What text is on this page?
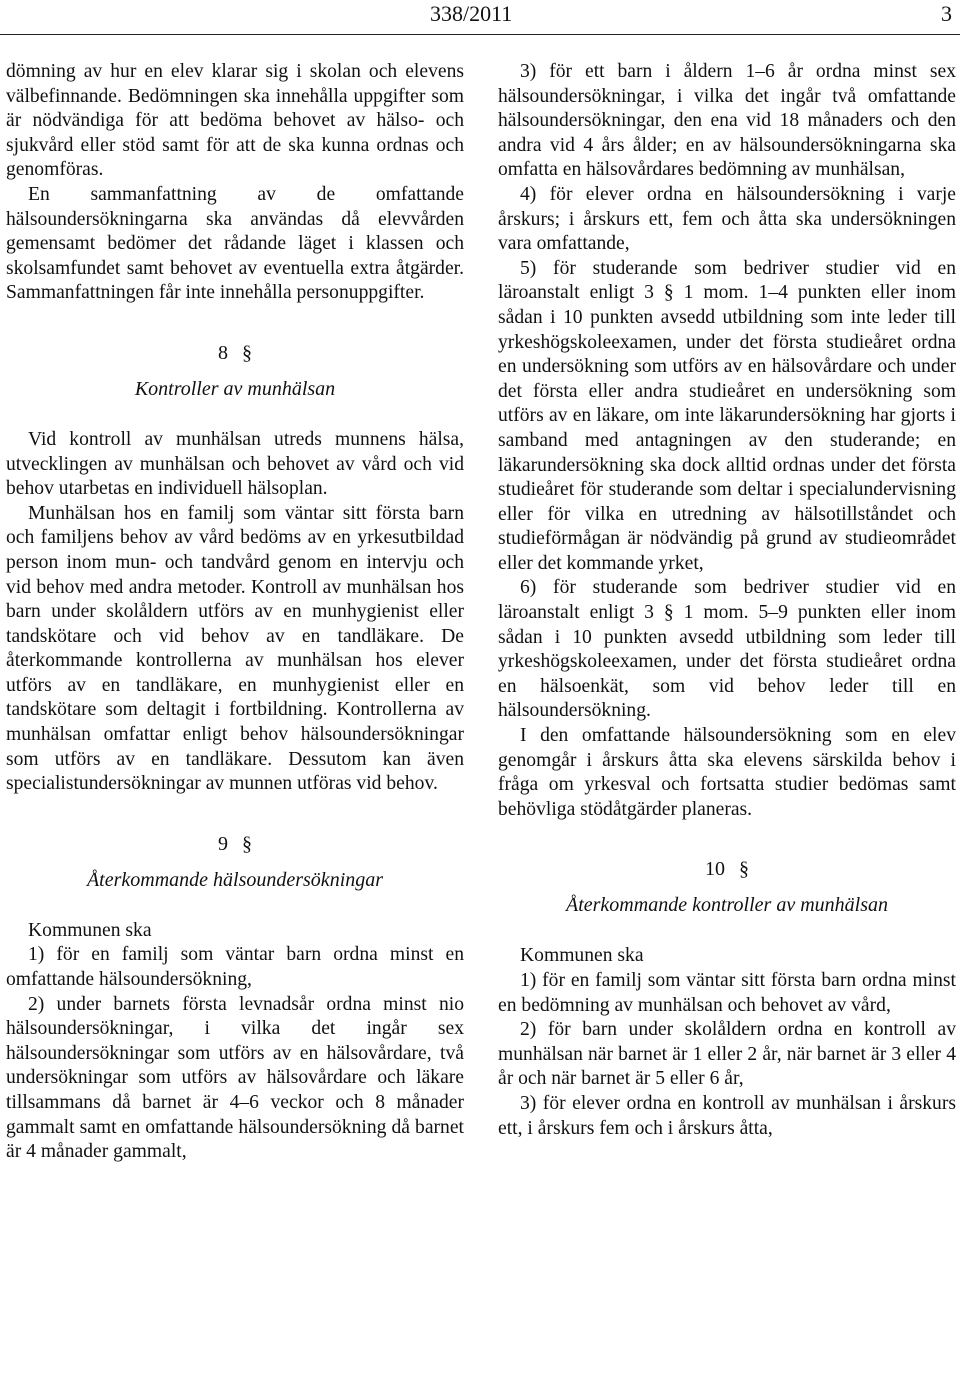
338/2011	3

dömning av hur en elev klarar sig i skolan och elevens välbefinnande. Bedömningen ska innehålla uppgifter som är nödvändiga för att bedöma behovet av hälso- och sjukvård eller stöd samt för att de ska kunna ordnas och genomföras.

En sammanfattning av de omfattande hälsoundersökningarna ska användas då elevvården gemensamt bedömer det rådande läget i klassen och skolsamfundet samt behovet av eventuella extra åtgärder. Sammanfattningen får inte innehålla personuppgifter.

8 §

Kontroller av munhälsan

Vid kontroll av munhälsan utreds munnens hälsa, utvecklingen av munhälsan och behovet av vård och vid behov utarbetas en individuell hälsoplan.

Munhälsan hos en familj som väntar sitt första barn och familjens behov av vård bedöms av en yrkesutbildad person inom mun- och tandvård genom en intervju och vid behov med andra metoder. Kontroll av munhälsan hos barn under skolåldern utförs av en munhygienist eller tandskötare och vid behov av en tandläkare. De återkommande kontrollerna av munhälsan hos elever utförs av en tandläkare, en munhygienist eller en tandskötare som deltagit i fortbildning. Kontrollerna av munhälsan omfattar enligt behov hälsoundersökningar som utförs av en tandläkare. Dessutom kan även specialistundersökningar av munnen utföras vid behov.

9 §

Återkommande hälsoundersökningar

Kommunen ska

1) för en familj som väntar barn ordna minst en omfattande hälsoundersökning,

2) under barnets första levnadsår ordna minst nio hälsoundersökningar, i vilka det ingår sex hälsoundersökningar som utförs av en hälsovårdare, två undersökningar som utförs av hälsovårdare och läkare tillsammans då barnet är 4–6 veckor och 8 månader gammalt samt en omfattande hälsoundersökning då barnet är 4 månader gammalt,

3) för ett barn i åldern 1–6 år ordna minst sex hälsoundersökningar, i vilka det ingår två omfattande hälsoundersökningar, den ena vid 18 månaders och den andra vid 4 års ålder; en av hälsoundersökningarna ska omfatta en hälsovårdares bedömning av munhälsan,

4) för elever ordna en hälsoundersökning i varje årskurs; i årskurs ett, fem och åtta ska undersökningen vara omfattande,

5) för studerande som bedriver studier vid en läroanstalt enligt 3 § 1 mom. 1–4 punkten eller inom sådan i 10 punkten avsedd utbildning som inte leder till yrkeshögskoleexamen, under det första studieåret ordna en undersökning som utförs av en hälsovårdare och under det första eller andra studieåret en undersökning som utförs av en läkare, om inte läkarundersökning har gjorts i samband med antagningen av den studerande; en läkarundersökning ska dock alltid ordnas under det första studieåret för studerande som deltar i specialundervisning eller för vilka en utredning av hälsotillståndet och studieförmågan är nödvändig på grund av studieområdet eller det kommande yrket,

6) för studerande som bedriver studier vid en läroanstalt enligt 3 § 1 mom. 5–9 punkten eller inom sådan i 10 punkten avsedd utbildning som leder till yrkeshögskoleexamen, under det första studieåret ordna en hälsoenkät, som vid behov leder till en hälsoundersökning.

I den omfattande hälsoundersökning som en elev genomgår i årskurs åtta ska elevens särskilda behov i fråga om yrkesval och fortsatta studier bedömas samt behövliga stödåtgärder planeras.

10 §

Återkommande kontroller av munhälsan

Kommunen ska

1) för en familj som väntar sitt första barn ordna minst en bedömning av munhälsan och behovet av vård,

2) för barn under skolåldern ordna en kontroll av munhälsan när barnet är 1 eller 2 år, när barnet är 3 eller 4 år och när barnet är 5 eller 6 år,

3) för elever ordna en kontroll av munhälsan i årskurs ett, i årskurs fem och i årskurs åtta,
